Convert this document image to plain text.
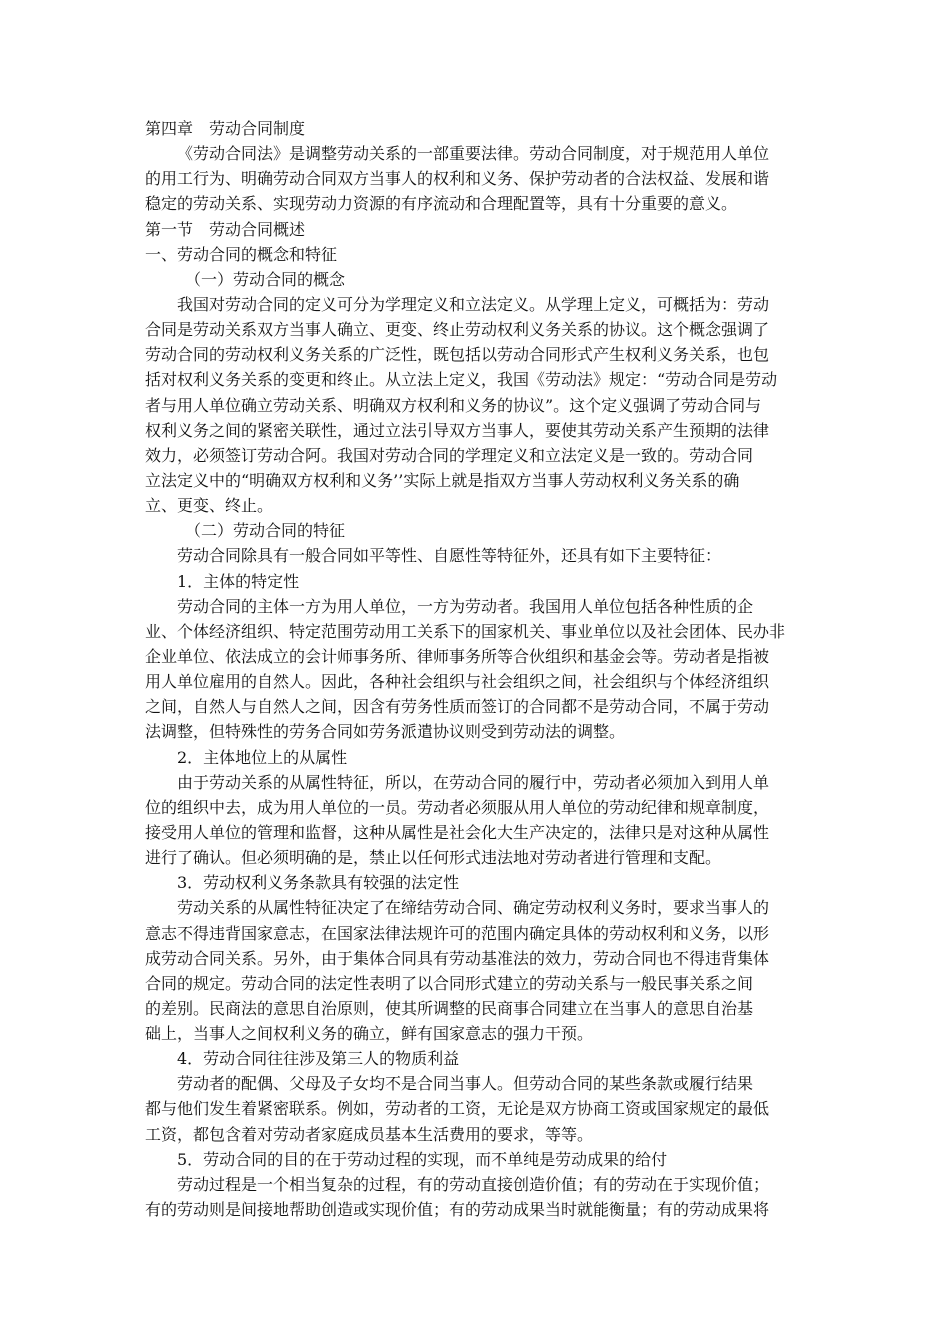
第四章　劳动合同制度
《劳动合同法》是调整劳动关系的一部重要法律。劳动合同制度，对于规范用人单位
的用工行为、明确劳动合同双方当事人的权利和义务、保护劳动者的合法权益、发展和谐
稳定的劳动关系、实现劳动力资源的有序流动和合理配置等，具有十分重要的意义。
第一节　劳动合同概述
一、劳动合同的概念和特征
（一）劳动合同的概念
我国对劳动合同的定义可分为学理定义和立法定义。从学理上定义，可概括为：劳动
合同是劳动关系双方当事人确立、更变、终止劳动权利义务关系的协议。这个概念强调了
劳动合同的劳动权利义务关系的广泛性，既包括以劳动合同形式产生权利义务关系，也包
括对权利义务关系的变更和终止。从立法上定义，我国《劳动法》规定：“劳动合同是劳动
者与用人单位确立劳动关系、明确双方权利和义务的协议”。这个定义强调了劳动合同与
权利义务之间的紧密关联性，通过立法引导双方当事人，要使其劳动关系产生预期的法律
效力，必须签订劳动合阿。我国对劳动合同的学理定义和立法定义是一致的。劳动合同
立法定义中的“明确双方权利和义务’’实际上就是指双方当事人劳动权利义务关系的确
立、更变、终止。
（二）劳动合同的特征
劳动合同除具有一般合同如平等性、自愿性等特征外，还具有如下主要特征：
1．主体的特定性
劳动合同的主体一方为用人单位，一方为劳动者。我国用人单位包括各种性质的企
业、个体经济组织、特定范围劳动用工关系下的国家机关、事业单位以及社会团体、民办非
企业单位、依法成立的会计师事务所、律师事务所等合伙组织和基金会等。劳动者是指被
用人单位雇用的自然人。因此，各种社会组织与社会组织之间，社会组织与个体经济组织
之间，自然人与自然人之间，因含有劳务性质而签订的合同都不是劳动合同，不属于劳动
法调整，但特殊性的劳务合同如劳务派遣协议则受到劳动法的调整。
2．主体地位上的从属性
由于劳动关系的从属性特征，所以，在劳动合同的履行中，劳动者必须加入到用人单
位的组织中去，成为用人单位的一员。劳动者必须服从用人单位的劳动纪律和规章制度，
接受用人单位的管理和监督，这种从属性是社会化大生产决定的，法律只是对这种从属性
进行了确认。但必须明确的是，禁止以任何形式违法地对劳动者进行管理和支配。
3．劳动权利义务条款具有较强的法定性
劳动关系的从属性特征决定了在缔结劳动合同、确定劳动权利义务时，要求当事人的
意志不得违背国家意志，在国家法律法规许可的范围内确定具体的劳动权利和义务，以形
成劳动合同关系。另外，由于集体合同具有劳动基准法的效力，劳动合同也不得违背集体
合同的规定。劳动合同的法定性表明了以合同形式建立的劳动关系与一般民事关系之间
的差别。民商法的意思自治原则，使其所调整的民商事合同建立在当事人的意思自治基
础上，当事人之间权利义务的确立，鲜有国家意志的强力干预。
4．劳动合同往往涉及第三人的物质利益
劳动者的配偶、父母及子女均不是合同当事人。但劳动合同的某些条款或履行结果
都与他们发生着紧密联系。例如，劳动者的工资，无论是双方协商工资或国家规定的最低
工资，都包含着对劳动者家庭成员基本生活费用的要求，等等。
5．劳动合同的目的在于劳动过程的实现，而不单纯是劳动成果的给付
劳动过程是一个相当复杂的过程，有的劳动直接创造价值；有的劳动在于实现价值；
有的劳动则是间接地帮助创造或实现价值；有的劳动成果当时就能衡量；有的劳动成果将
